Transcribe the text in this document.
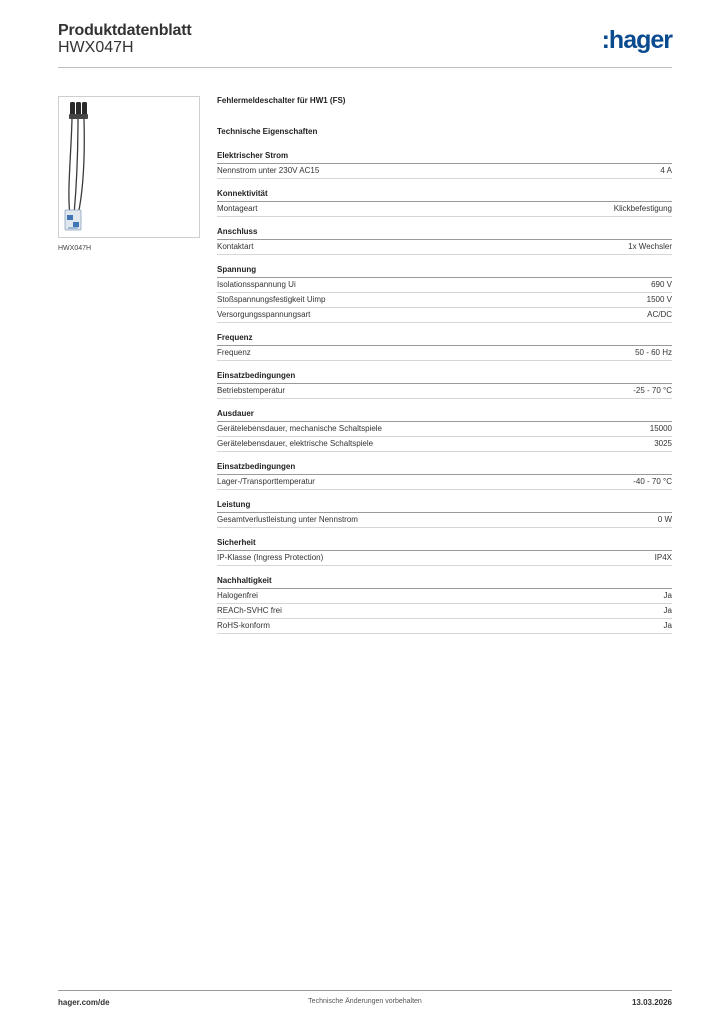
Produktdatenblatt
HWX047H	:hager
HWX047H
Fehlermeldeschalter für HW1 (FS)
Technische Eigenschaften
Elektrischer Strom
Nennstrom unter 230V AC15	4 A
Konnektivität
Montageart	Klickbefestigung
Anschluss
Kontaktart	1x Wechsler
Spannung
Isolationsspannung Ui	690 V
Stoßspannungsfestigkeit Uimp	1500 V
Versorgungsspannungsart	AC/DC
Frequenz
Frequenz	50 - 60 Hz
Einsatzbedingungen
Betriebstemperatur	-25 - 70 °C
Ausdauer
Gerätelebensdauer, mechanische Schaltspiele	15000
Gerätelebensdauer, elektrische Schaltspiele	3025
Einsatzbedingungen
Lager-/Transporttemperatur	-40 - 70 °C
Leistung
Gesamtverlustleistung unter Nennstrom	0 W
Sicherheit
IP-Klasse (Ingress Protection)	IP4X
Nachhaltigkeit
Halogenfrei	Ja
REACh-SVHC frei	Ja
RoHS-konform	Ja
hager.com/de	Technische Änderungen vorbehalten	13.03.2026
